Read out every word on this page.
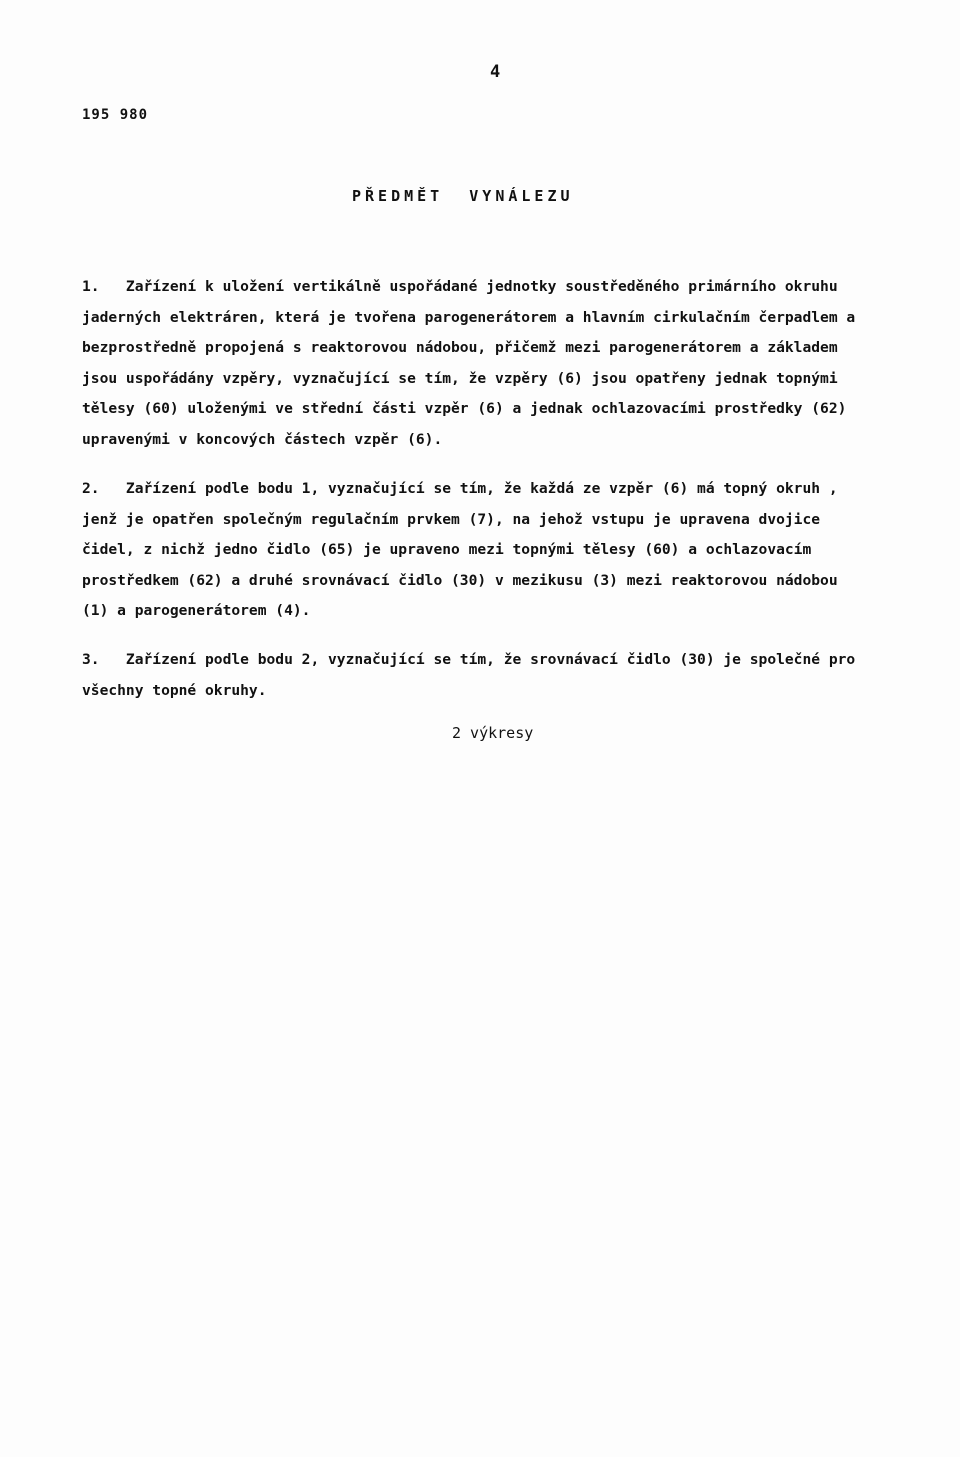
4
195 980
PŘEDMĚT  VYNÁLEZU
1.   Zařízení k uložení vertikálně uspořádané jednotky soustředěného primárního okruhu
jaderných elektráren, která je tvořena parogenerátorem a hlavním cirkulačním čerpadlem a
bezprostředně propojená s reaktorovou nádobou, přičemž mezi parogenerátorem a základem
jsou uspořádány vzpěry, vyznačující se tím, že vzpěry (6) jsou opatřeny jednak topnými
tělesy (60) uloženými ve střední části vzpěr (6) a jednak ochlazovacími prostředky (62)
upravenými v koncových částech vzpěr (6).
2.   Zařízení podle bodu 1, vyznačující se tím, že každá ze vzpěr (6) má topný okruh ,
jenž je opatřen společným regulačním prvkem (7), na jehož vstupu je upravena dvojice
čidel, z nichž jedno čidlo (65) je upraveno mezi topnými tělesy (60) a ochlazovacím
prostředkem (62) a druhé srovnávací čidlo (30) v mezikusu (3) mezi reaktorovou nádobou
(1) a parogenerátorem (4).
3.   Zařízení podle bodu 2, vyznačující se tím, že srovnávací čidlo (30) je společné pro
všechny topné okruhy.
2 výkresy
